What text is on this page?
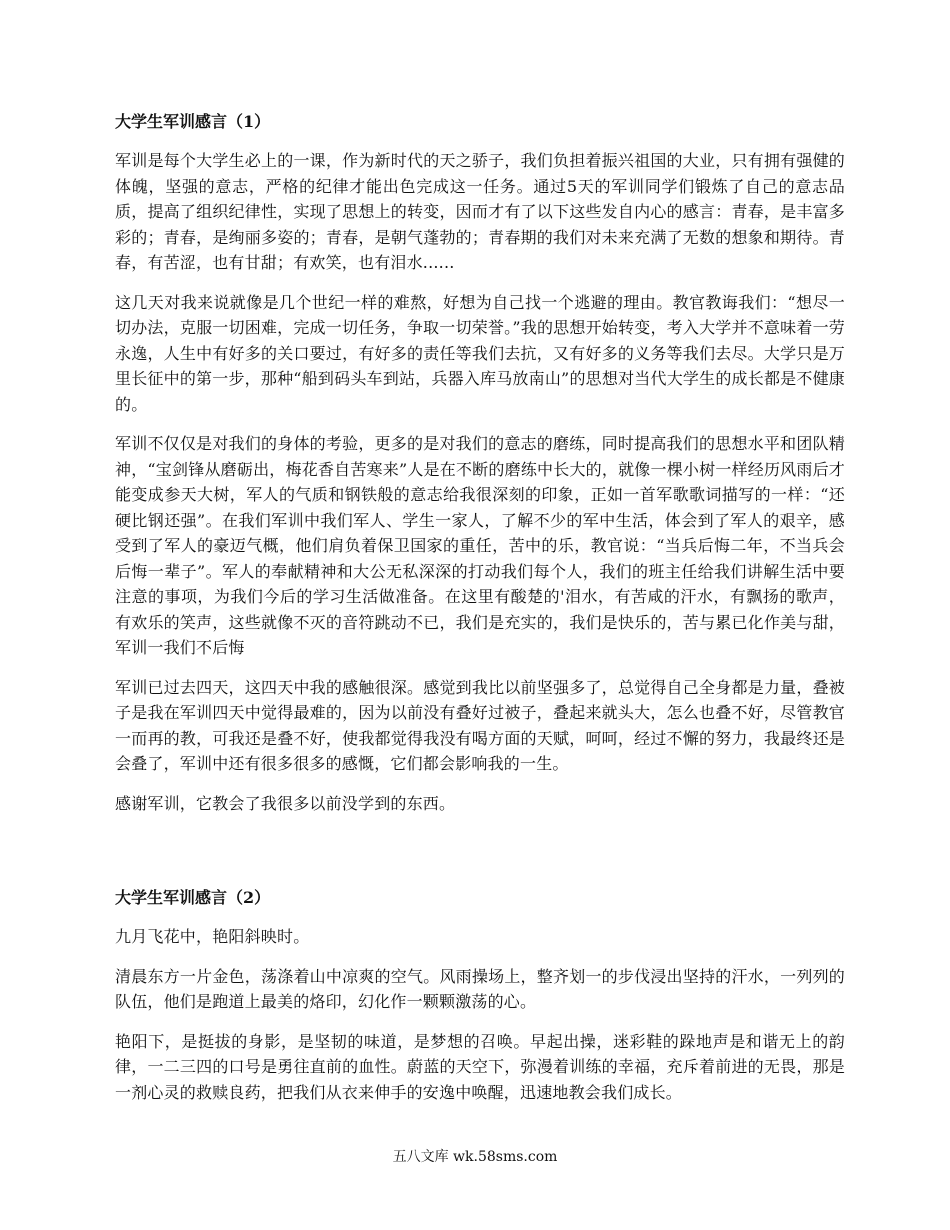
大学生军训感言（1）

军训是每个大学生必上的一课，作为新时代的天之骄子，我们负担着振兴祖国的大业，只有拥有强健的体魄，坚强的意志，严格的纪律才能出色完成这一任务。通过5天的军训同学们锻炼了自己的意志品质，提高了组织纪律性，实现了思想上的转变，因而才有了以下这些发自内心的感言：青春，是丰富多彩的；青春，是绚丽多姿的；青春，是朝气蓬勃的；青春期的我们对未来充满了无数的想象和期待。青春，有苦涩，也有甘甜；有欢笑，也有泪水......

这几天对我来说就像是几个世纪一样的难熬，好想为自己找一个逃避的理由。教官教诲我们：“想尽一切办法，克服一切困难，完成一切任务，争取一切荣誉。”我的思想开始转变，考入大学并不意味着一劳永逸，人生中有好多的关口要过，有好多的责任等我们去抗，又有好多的义务等我们去尽。大学只是万里长征中的第一步，那种“船到码头车到站，兵器入库马放南山”的思想对当代大学生的成长都是不健康的。

军训不仅仅是对我们的身体的考验，更多的是对我们的意志的磨练，同时提高我们的思想水平和团队精神，“宝剑锋从磨砺出，梅花香自苦寒来”人是在不断的磨练中长大的，就像一棵小树一样经历风雨后才能变成参天大树，军人的气质和钢铁般的意志给我很深刻的印象，正如一首军歌歌词描写的一样：“还硬比钢还强”。在我们军训中我们军人、学生一家人，了解不少的军中生活，体会到了军人的艰辛，感受到了军人的豪迈气概，他们肩负着保卫国家的重任，苦中的乐，教官说：“当兵后悔二年，不当兵会后悔一辈子”。军人的奉献精神和大公无私深深的打动我们每个人，我们的班主任给我们讲解生活中要注意的事项，为我们今后的学习生活做准备。在这里有酸楚的'泪水，有苦咸的汗水，有飘扬的歌声，有欢乐的笑声，这些就像不灭的音符跳动不已，我们是充实的，我们是快乐的，苦与累已化作美与甜，军训一我们不后悔

军训已过去四天，这四天中我的感触很深。感觉到我比以前坚强多了，总觉得自己全身都是力量，叠被子是我在军训四天中觉得最难的，因为以前没有叠好过被子，叠起来就头大，怎么也叠不好，尽管教官一而再的教，可我还是叠不好，使我都觉得我没有喝方面的天赋，呵呵，经过不懈的努力，我最终还是会叠了，军训中还有很多很多的感慨，它们都会影响我的一生。

感谢军训，它教会了我很多以前没学到的东西。

大学生军训感言（2）

九月飞花中，艳阳斜映时。

清晨东方一片金色，荡涤着山中凉爽的空气。风雨操场上，整齐划一的步伐浸出坚持的汗水，一列列的队伍，他们是跑道上最美的烙印，幻化作一颗颗激荡的心。

艳阳下，是挺拔的身影，是坚韧的味道，是梦想的召唤。早起出操，迷彩鞋的跺地声是和谐无上的韵律，一二三四的口号是勇往直前的血性。蔚蓝的天空下，弥漫着训练的幸福，充斥着前进的无畏，那是一剂心灵的救赎良药，把我们从衣来伸手的安逸中唤醒，迅速地教会我们成长。

五八文库 wk.58sms.com
